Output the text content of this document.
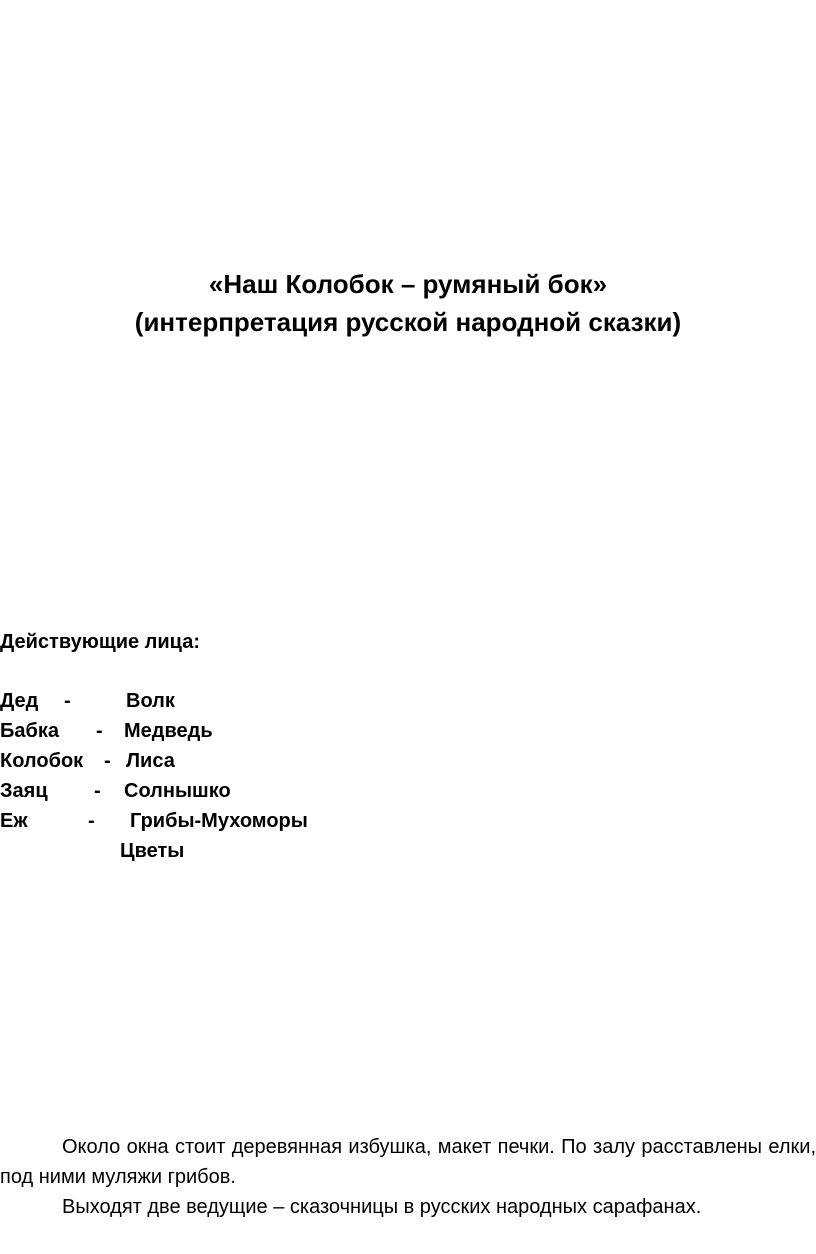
«Наш Колобок – румяный бок»
(интерпретация русской народной сказки)
Действующие лица:
Дед -	Волк
Бабка - Медведь
Колобок - Лиса
Заяц - Солнышко
Еж	- Грибы-Мухоморы
Цветы

Около окна стоит деревянная избушка, макет печки. По залу расставлены елки, под ними муляжи грибов.

Выходят две ведущие – сказочницы в русских народных сарафанах.
